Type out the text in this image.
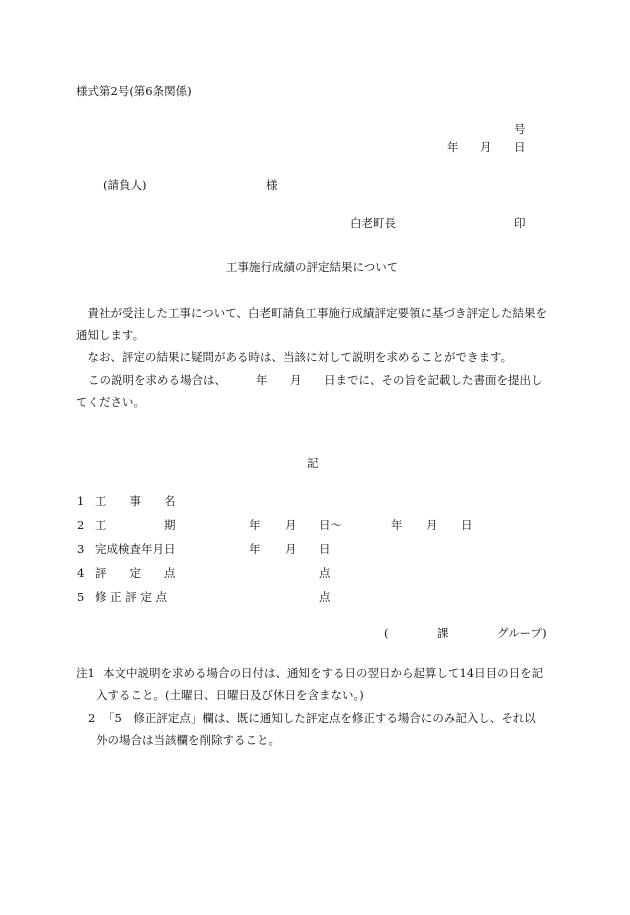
様式第2号(第6条関係)
号
年 月 日
(請負人)	様
白老町長	印
工事施行成績の評定結果について
貴社が受注した工事について、白老町請負工事施行成績評定要領に基づき評定した結果を通知します。
なお、評定の結果に疑問がある時は、当該に対して説明を求めることができます。
この説明を求める場合は、	年 月 日までに、その旨を記載した書面を提出し
てください。
記
1 工　　事　　名
2 工　　　　　期	年 月 日〜	年 月 日
3 完成検査年月日	年 月 日
4 評　　定　　点	点
5 修 正 評 定 点	点
(	課	グループ)
注1 本文中説明を求める場合の日付は、通知をする日の翌日から起算して14日目の日を記
入すること。(土曜日、日曜日及び休日を含まない。)
2 「5　修正評定点」欄は、既に通知した評定点を修正する場合にのみ記入し、それ以
外の場合は当該欄を削除すること。
